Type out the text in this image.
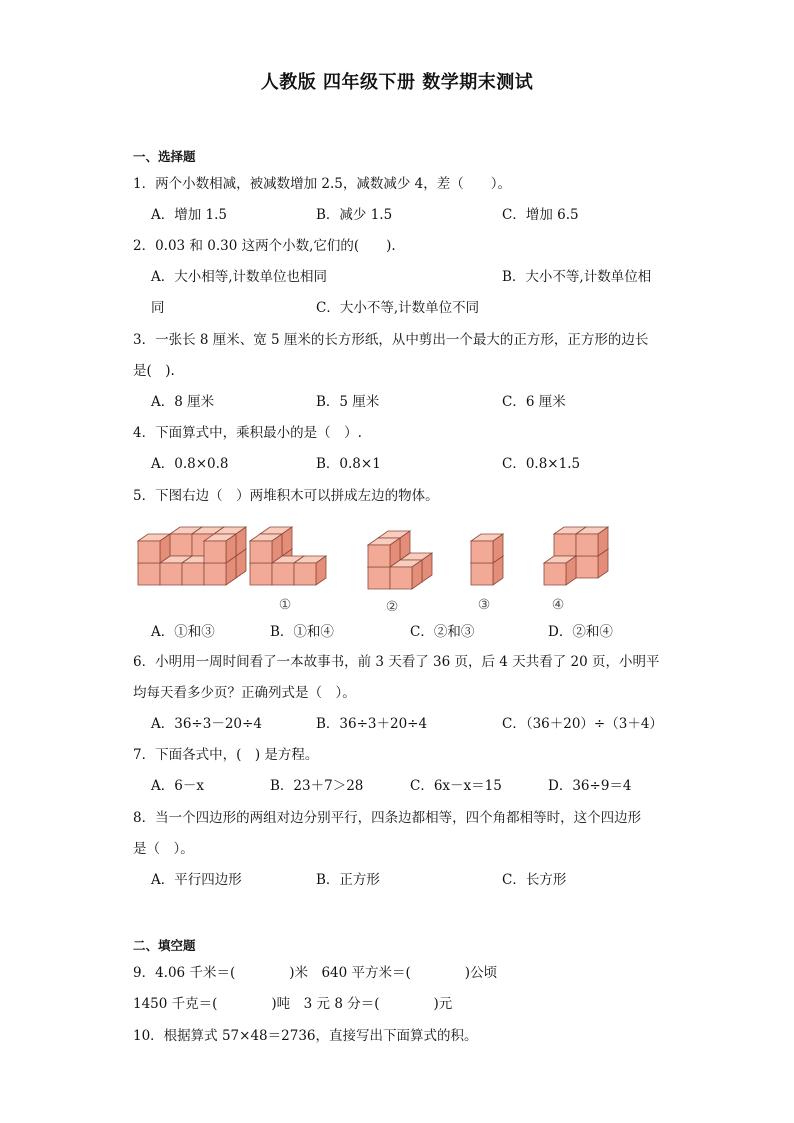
人教版 四年级下册 数学期末测试
一、选择题
1．两个小数相减，被减数增加 2.5，减数减少 4，差（　　）。
A．增加 1.5	B．减少 1.5	C．增加 6.5
2．0.03 和 0.30 这两个小数,它们的(　　).
A．大小相等,计数单位也相同	B．大小不等,计数单位相
同	C．大小不等,计数单位不同
3．一张长 8 厘米、宽 5 厘米的长方形纸，从中剪出一个最大的正方形，正方形的边长
是(　).
A．8 厘米	B．5 厘米	C．6 厘米
4．下面算式中，乘积最小的是（　）.
A．0.8×0.8	B．0.8×1	C．0.8×1.5
5．下图右边（　）两堆积木可以拼成左边的物体。
①	②	③	④
A．①和③	B．①和④	C．②和③	D．②和④
6．小明用一周时间看了一本故事书，前 3 天看了 36 页，后 4 天共看了 20 页，小明平
均每天看多少页？正确列式是（　）。
A．36÷3－20÷4	B．36÷3＋20÷4	C．（36＋20）÷（3＋4）
7．下面各式中，(　) 是方程。
A．6－x	B．23＋7＞28	C．6x－x＝15	D．36÷9＝4
8．当一个四边形的两组对边分别平行，四条边都相等，四个角都相等时，这个四边形
是（　）。
A．平行四边形	B．正方形	C．长方形
二、填空题
9．4.06 千米＝(　　　　)米　640 平方米＝(　　　　)公顷
1450 千克＝(　　　　)吨　3 元 8 分＝(　　　　)元
10．根据算式 57×48＝2736，直接写出下面算式的积。
